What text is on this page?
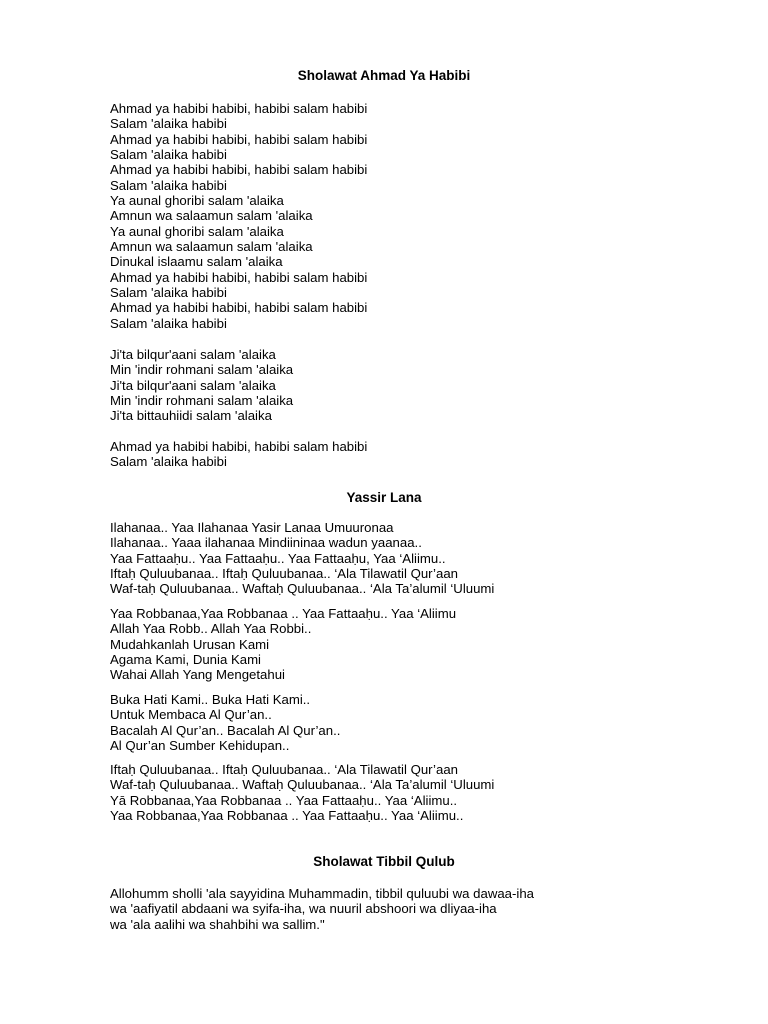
Sholawat Ahmad Ya Habibi
Ahmad ya habibi habibi, habibi salam habibi
Salam 'alaika habibi
Ahmad ya habibi habibi, habibi salam habibi
Salam 'alaika habibi
Ahmad ya habibi habibi, habibi salam habibi
Salam 'alaika habibi
Ya aunal ghoribi salam 'alaika
Amnun wa salaamun salam 'alaika
Ya aunal ghoribi salam 'alaika
Amnun wa salaamun salam 'alaika
Dinukal islaamu salam 'alaika
Ahmad ya habibi habibi, habibi salam habibi
Salam 'alaika habibi
Ahmad ya habibi habibi, habibi salam habibi
Salam 'alaika habibi
Ji'ta bilqur'aani salam 'alaika
Min 'indir rohmani salam 'alaika
Ji'ta bilqur'aani salam 'alaika
Min 'indir rohmani salam 'alaika
Ji'ta bittauhiidi salam 'alaika
Ahmad ya habibi habibi, habibi salam habibi
Salam 'alaika habibi
Yassir Lana
Ilahanaa.. Yaa Ilahanaa Yasir Lanaa Umuuronaa
Ilahanaa.. Yaaa ilahanaa Mindiininaa wadun yaanaa..
Yaa Fattaaḥu.. Yaa Fattaaḥu.. Yaa Fattaaḥu, Yaa ‘Aliimu..
Iftaḥ Quluubanaa.. Iftaḥ Quluubanaa.. ‘Ala Tilawatil Qur’aan
Waf-taḥ Quluubanaa.. Waftaḥ Quluubanaa.. ‘Ala Ta’alumil ‘Uluumi
Yaa Robbanaa,Yaa Robbanaa .. Yaa Fattaaḥu.. Yaa ‘Aliimu
Allah Yaa Robb.. Allah Yaa Robbi..
Mudahkanlah Urusan Kami
Agama Kami, Dunia Kami
Wahai Allah Yang Mengetahui
Buka Hati Kami.. Buka Hati Kami..
Untuk Membaca Al Qur’an..
Bacalah Al Qur’an.. Bacalah Al Qur’an..
Al Qur’an Sumber Kehidupan..
Iftaḥ Quluubanaa.. Iftaḥ Quluubanaa.. ‘Ala Tilawatil Qur’aan
Waf-taḥ Quluubanaa.. Waftaḥ Quluubanaa.. ‘Ala Ta’alumil ‘Uluumi
Yā Robbanaa,Yaa Robbanaa .. Yaa Fattaaḥu.. Yaa ‘Aliimu..
Yaa Robbanaa,Yaa Robbanaa .. Yaa Fattaaḥu.. Yaa ‘Aliimu..
Sholawat Tibbil Qulub
Allohumm sholli 'ala sayyidina Muhammadin, tibbil quluubi wa dawaa-iha
wa 'aafiyatil abdaani wa syifa-iha, wa nuuril abshoori wa dliyaa-iha
wa 'ala aalihi wa shahbihi wa sallim."
